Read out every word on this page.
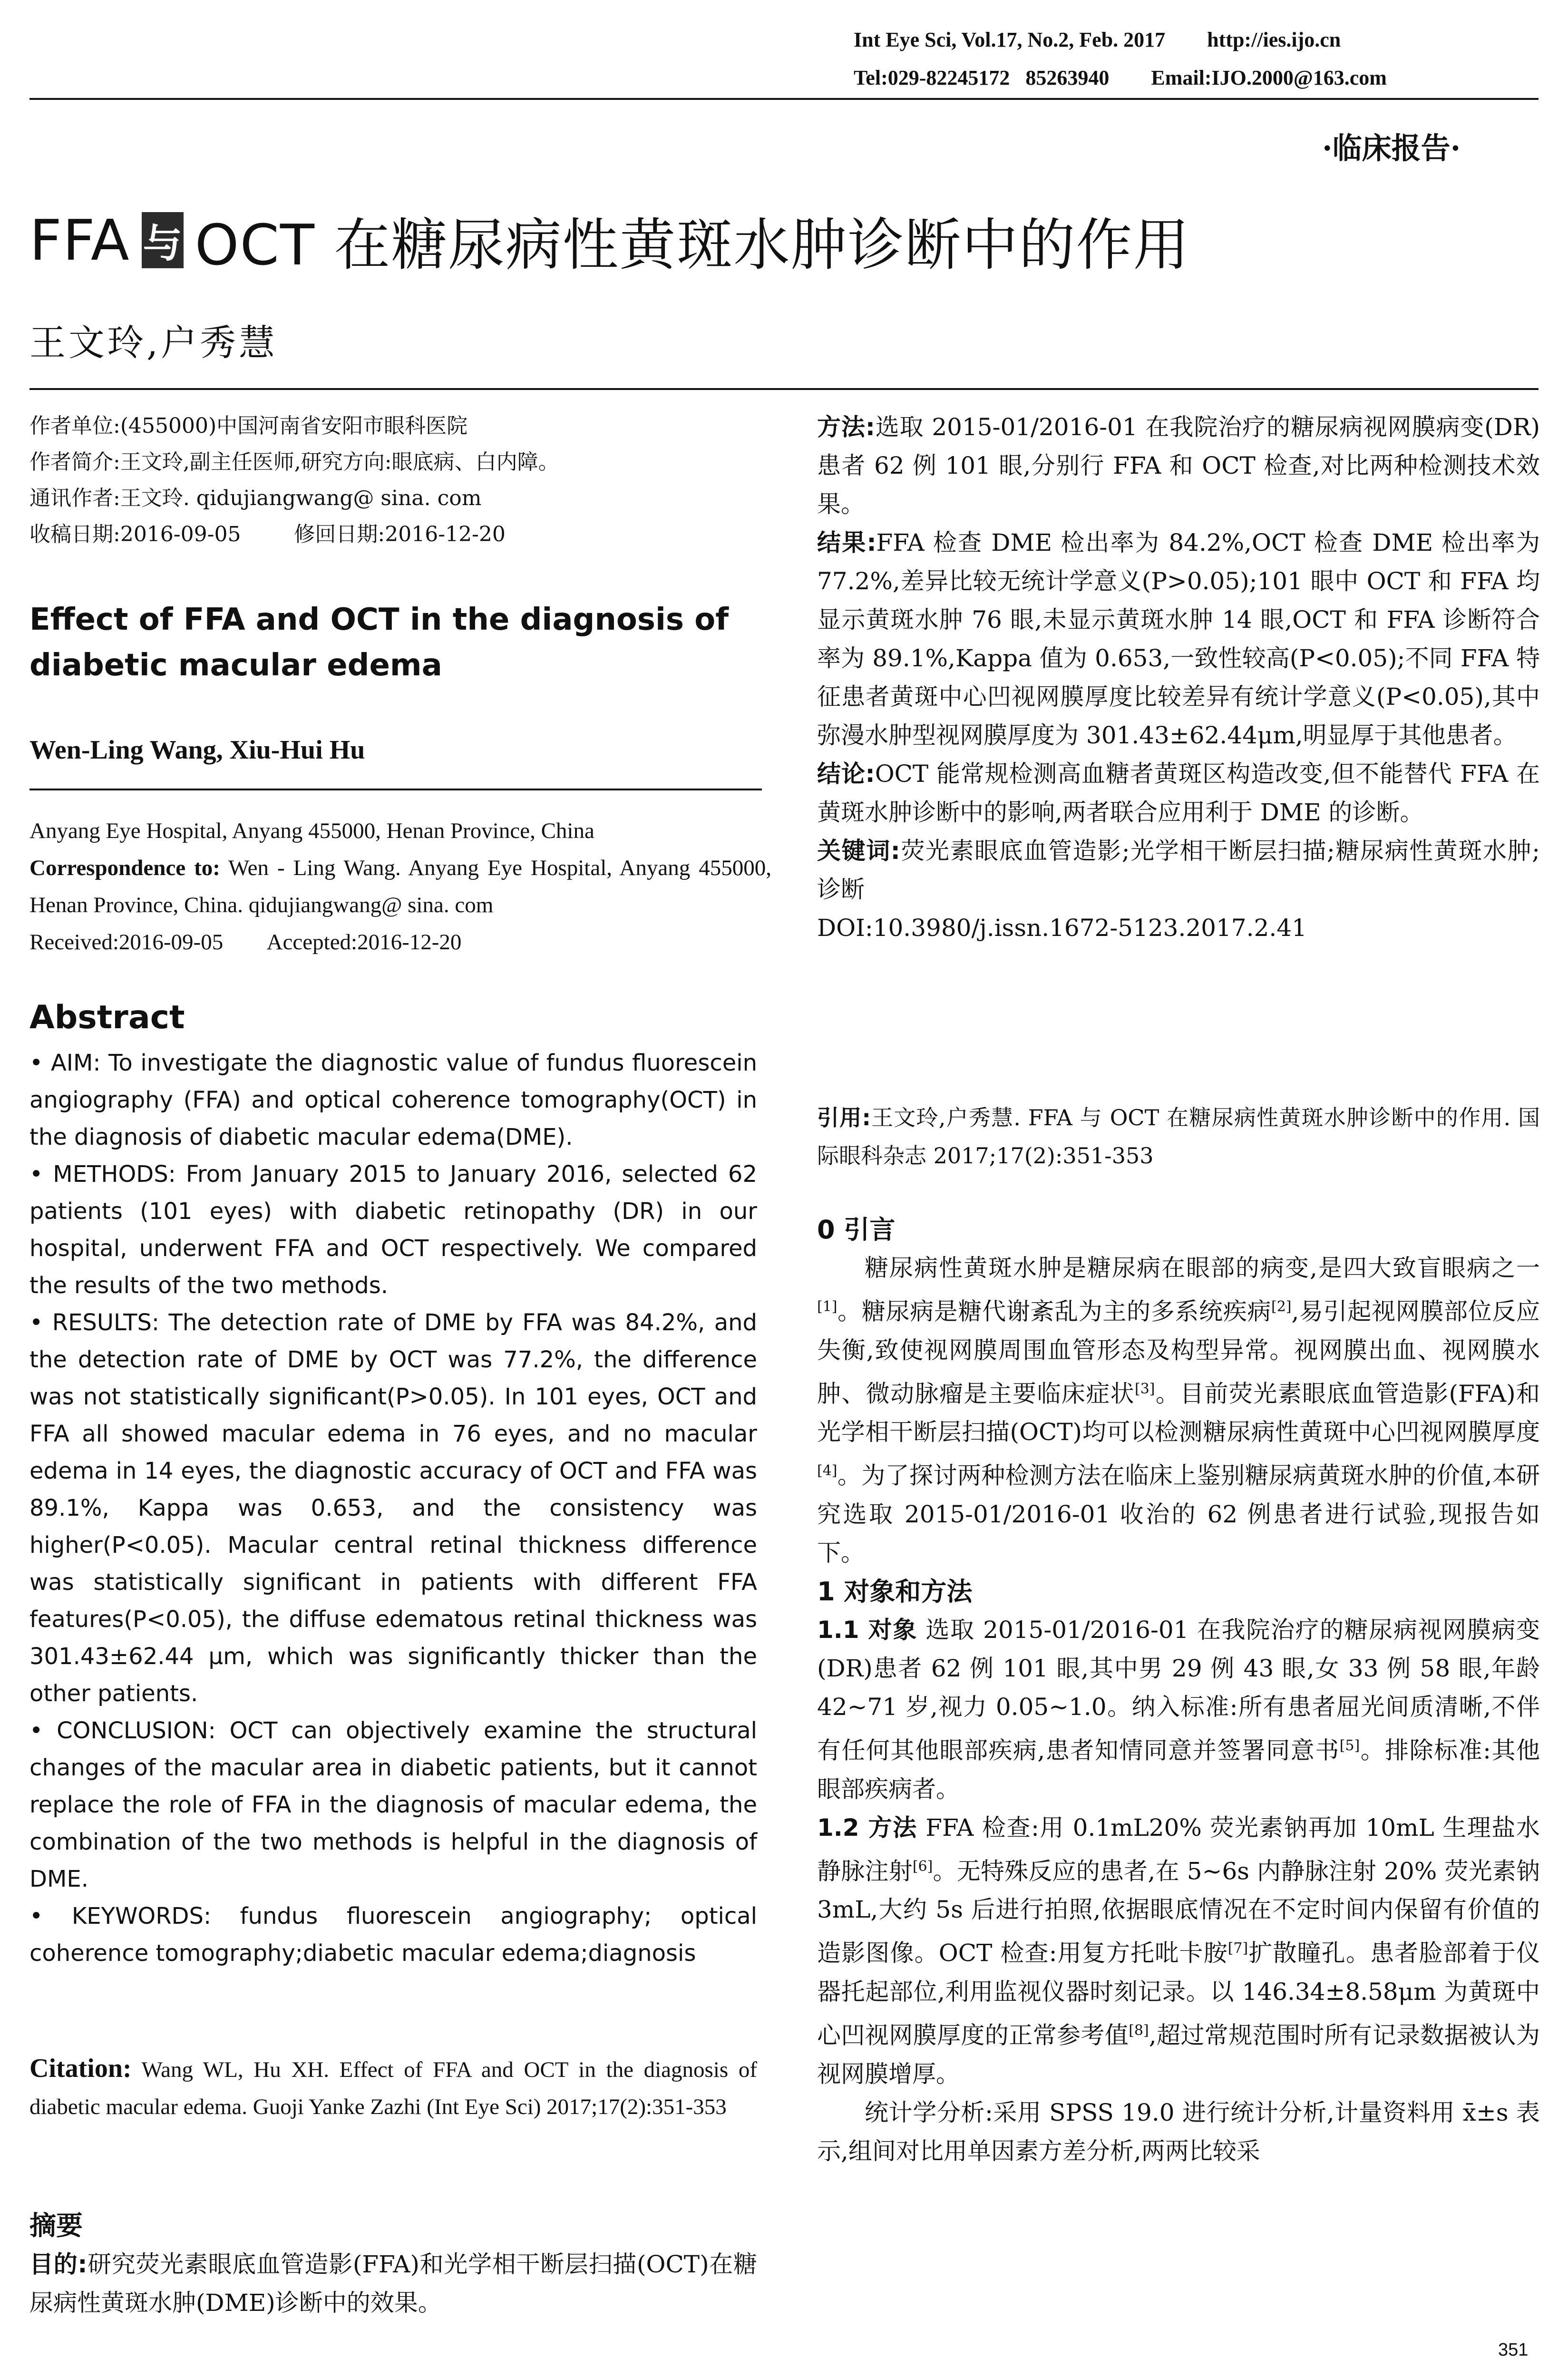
Int Eye Sci, Vol.17, No.2, Feb. 2017        http://ies.ijo.cn
Tel:029-82245172   85263940        Email:IJO.2000@163.com
·临床报告·
FFA 与 OCT 在糖尿病性黄斑水肿诊断中的作用
王文玲,户秀慧
作者单位:(455000)中国河南省安阳市眼科医院
作者简介:王文玲,副主任医师,研究方向:眼底病、白内障。
通讯作者:王文玲. qidujiangwang@ sina. com
收稿日期:2016-09-05        修回日期:2016-12-20
Effect of FFA and OCT in the diagnosis of diabetic macular edema
Wen-Ling Wang, Xiu-Hui Hu
Anyang Eye Hospital, Anyang 455000, Henan Province, China
Correspondence to: Wen - Ling Wang. Anyang Eye Hospital, Anyang 455000, Henan Province, China. qidujiangwang@ sina. com
Received:2016-09-05        Accepted:2016-12-20
Abstract

• AIM: To investigate the diagnostic value of fundus fluorescein angiography (FFA) and optical coherence tomography(OCT) in the diagnosis of diabetic macular edema(DME).

• METHODS: From January 2015 to January 2016, selected 62 patients (101 eyes) with diabetic retinopathy (DR) in our hospital, underwent FFA and OCT respectively. We compared the results of the two methods.

• RESULTS: The detection rate of DME by FFA was 84.2%, and the detection rate of DME by OCT was 77.2%, the difference was not statistically significant(P>0.05). In 101 eyes, OCT and FFA all showed macular edema in 76 eyes, and no macular edema in 14 eyes, the diagnostic accuracy of OCT and FFA was 89.1%, Kappa was 0.653, and the consistency was higher(P<0.05). Macular central retinal thickness difference was statistically significant in patients with different FFA features(P<0.05), the diffuse edematous retinal thickness was 301.43±62.44 μm, which was significantly thicker than the other patients.

• CONCLUSION: OCT can objectively examine the structural changes of the macular area in diabetic patients, but it cannot replace the role of FFA in the diagnosis of macular edema, the combination of the two methods is helpful in the diagnosis of DME.

• KEYWORDS: fundus fluorescein angiography; optical coherence tomography;diabetic macular edema;diagnosis

Citation: Wang WL, Hu XH. Effect of FFA and OCT in the diagnosis of diabetic macular edema. Guoji Yanke Zazhi (Int Eye Sci) 2017;17(2):351-353
摘要

目的:研究荧光素眼底血管造影(FFA)和光学相干断层扫描(OCT)在糖尿病性黄斑水肿(DME)诊断中的效果。

方法:选取 2015-01/2016-01 在我院治疗的糖尿病视网膜病变(DR)患者 62 例 101 眼,分别行 FFA 和 OCT 检查,对比两种检测技术效果。

结果:FFA 检查 DME 检出率为 84.2%,OCT 检查 DME 检出率为 77.2%,差异比较无统计学意义(P>0.05);101 眼中 OCT 和 FFA 均显示黄斑水肿 76 眼,未显示黄斑水肿 14 眼,OCT 和 FFA 诊断符合率为 89.1%,Kappa 值为 0.653,一致性较高(P<0.05);不同 FFA 特征患者黄斑中心凹视网膜厚度比较差异有统计学意义(P<0.05),其中弥漫水肿型视网膜厚度为 301.43±62.44μm,明显厚于其他患者。

结论:OCT 能常规检测高血糖者黄斑区构造改变,但不能替代 FFA 在黄斑水肿诊断中的影响,两者联合应用利于 DME 的诊断。

关键词:荧光素眼底血管造影;光学相干断层扫描;糖尿病性黄斑水肿;诊断

DOI:10.3980/j.issn.1672-5123.2017.2.41

引用:王文玲,户秀慧. FFA 与 OCT 在糖尿病性黄斑水肿诊断中的作用. 国际眼科杂志 2017;17(2):351-353
0 引言

糖尿病性黄斑水肿是糖尿病在眼部的病变,是四大致盲眼病之一[1]。糖尿病是糖代谢紊乱为主的多系统疾病[2],易引起视网膜部位反应失衡,致使视网膜周围血管形态及构型异常。视网膜出血、视网膜水肿、微动脉瘤是主要临床症状[3]。目前荧光素眼底血管造影(FFA)和光学相干断层扫描(OCT)均可以检测糖尿病性黄斑中心凹视网膜厚度[4]。为了探讨两种检测方法在临床上鉴别糖尿病黄斑水肿的价值,本研究选取 2015-01/2016-01 收治的 62 例患者进行试验,现报告如下。

1 对象和方法

1.1 对象 选取 2015-01/2016-01 在我院治疗的糖尿病视网膜病变(DR)患者 62 例 101 眼,其中男 29 例 43 眼,女 33 例 58 眼,年龄 42~71 岁,视力 0.05~1.0。纳入标准:所有患者屈光间质清晰,不伴有任何其他眼部疾病,患者知情同意并签署同意书[5]。排除标准:其他眼部疾病者。

1.2 方法 FFA 检查:用 0.1mL20% 荧光素钠再加 10mL 生理盐水静脉注射[6]。无特殊反应的患者,在 5~6s 内静脉注射 20% 荧光素钠 3mL,大约 5s 后进行拍照,依据眼底情况在不定时间内保留有价值的造影图像。OCT 检查:用复方托吡卡胺[7]扩散瞳孔。患者脸部着于仪器托起部位,利用监视仪器时刻记录。以 146.34±8.58μm 为黄斑中心凹视网膜厚度的正常参考值[8],超过常规范围时所有记录数据被认为视网膜增厚。

统计学分析:采用 SPSS 19.0 进行统计分析,计量资料用 x̄±s 表示,组间对比用单因素方差分析,两两比较采

351
